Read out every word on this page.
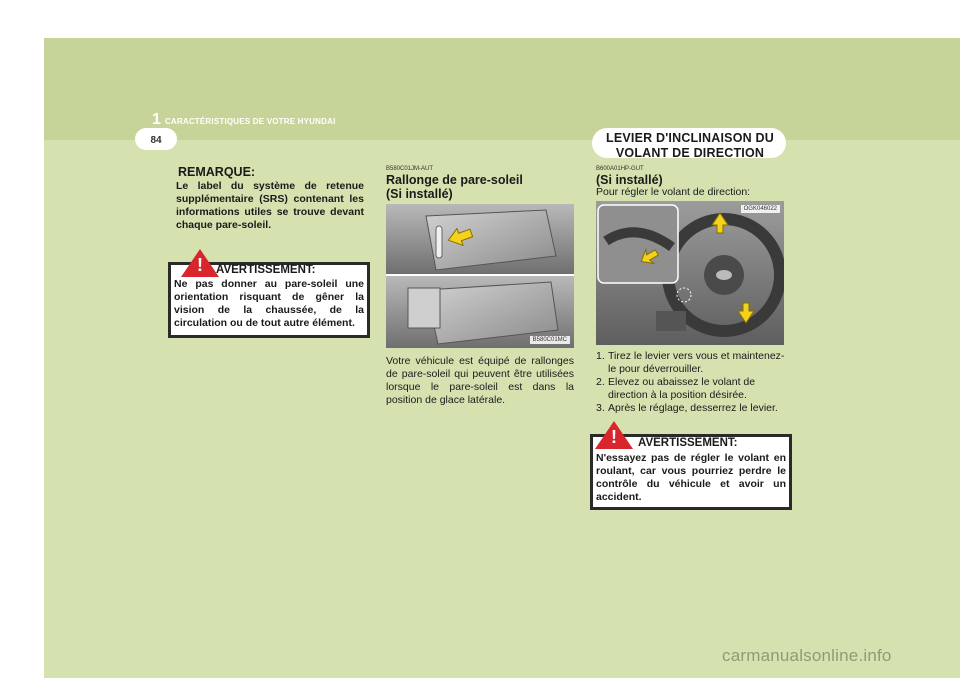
1 CARACTÉRISTIQUES DE VOTRE HYUNDAI
84
REMARQUE:
Le label du système de retenue supplémentaire (SRS) contenant les informations utiles se trouve devant chaque pare-soleil.
!	AVERTISSEMENT:
Ne pas donner au pare-soleil une orientation risquant de gêner la vision de la chaussée, de la circulation ou de tout autre élément.
B580C01JM-AUT
Rallonge de pare-soleil
(Si installé)
B580C01MC
Votre véhicule est équipé de rallonges de pare-soleil qui peuvent être utilisées lorsque le pare-soleil est dans la position de glace latérale.
LEVIER D'INCLINAISON DU
VOLANT DE DIRECTION
B600A01HP-GUT
(Si installé)
Pour régler le volant de direction:
OGK046022
1. Tirez le levier vers vous et maintenez-le pour déverrouiller.
2. Elevez ou abaissez le volant de direction à la position désirée.
3. Après le réglage, desserrez le levier.
!	AVERTISSEMENT:
N'essayez pas de régler le volant en roulant, car vous pourriez perdre le contrôle du véhicule et avoir un accident.
carmanualsonline.info
